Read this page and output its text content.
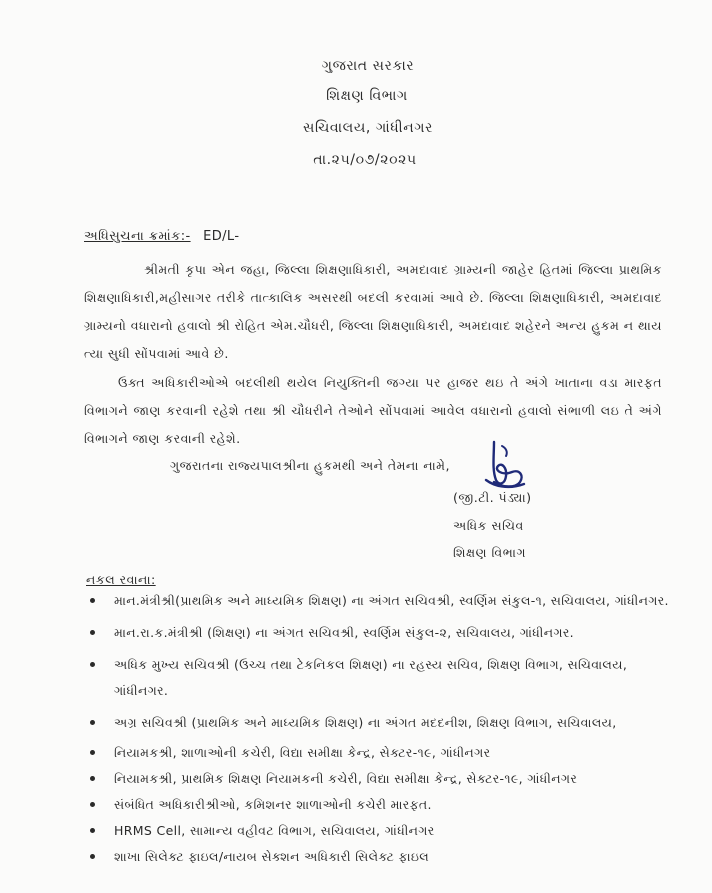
ગુજરાત સરકાર
શિક્ષણ વિભાગ
સચિવાલય, ગાંધીનગર
તા.૨૫/૦૭/૨૦૨૫
અધિસુચના ક્રમાંક:- ED/L-
શ્રીમતી કૃપા એન જહા, જિલ્લા શિક્ષણાધિકારી, અમદાવાદ ગ્રામ્યની જાહેર હિતમાં જિલ્લા પ્રાથમિક શિક્ષણાધિકારી,મહીસાગર તરીકે તાત્કાલિક અસરથી બદલી કરવામાં આવે છે. જિલ્લા શિક્ષણાધિકારી, અમદાવાદ ગ્રામ્યનો વધારાનો હવાલો શ્રી રોહિત એમ.ચૌધરી, જિલ્લા શિક્ષણાધિકારી, અમદાવાદ શહેરને અન્ય હુકમ ન થાય ત્યા સુધી સોંપવામાં આવે છે.
ઉક્ત અધિકારીઓએ બદલીથી થયેલ નિયુક્તિની જગ્યા પર હાજર થઇ તે અંગે ખાતાના વડા મારફત વિભાગને જાણ કરવાની રહેશે તથા શ્રી ચૌધરીને તેઓને સોંપવામાં આવેલ વધારાનો હવાલો સંભાળી લઇ તે અંગે વિભાગને જાણ કરવાની રહેશે.
ગુજરાતના રાજ્યપાલશ્રીના હુકમથી અને તેમના નામે,
(જી.ટી. પંડ્યા)
અધિક સચિવ
શિક્ષણ વિભાગ
નકલ રવાના:
માન.મંત્રીશ્રી(પ્રાથમિક અને માધ્યમિક શિક્ષણ) ના અંગત સચિવશ્રી, સ્વર્ણિમ સંકુલ-૧, સચિવાલય, ગાંધીનગર.
માન.રા.ક.મંત્રીશ્રી (શિક્ષણ) ના અંગત સચિવશ્રી, સ્વર્ણિમ સંકુલ-૨, સચિવાલય, ગાંધીનગર.
અધિક મુખ્ય સચિવશ્રી (ઉચ્ચ તથા ટેકનિકલ શિક્ષણ) ના રહસ્ય સચિવ, શિક્ષણ વિભાગ, સચિવાલય, ગાંધીનગર.
અગ્ર સચિવશ્રી (પ્રાથમિક અને માધ્યમિક શિક્ષણ) ના અંગત મદદનીશ, શિક્ષણ વિભાગ, સચિવાલય,
નિયામકશ્રી, શાળાઓની કચેરી, વિદ્યા સમીક્ષા કેન્દ્ર, સેક્ટર-૧૯, ગાંધીનગર
નિયામકશ્રી, પ્રાથમિક શિક્ષણ નિયામકની કચેરી, વિદ્યા સમીક્ષા કેન્દ્ર, સેક્ટર-૧૯, ગાંધીનગર
સંબંધિત અધિકારીશ્રીઓ, કમિશનર શાળાઓની કચેરી મારફત.
HRMS Cell, સામાન્ય વહીવટ વિભાગ, સચિવાલય, ગાંધીનગર
શાખા સિલેક્ટ ફાઇલ/નાયબ સેક્શન અધિકારી સિલેક્ટ ફાઇલ
